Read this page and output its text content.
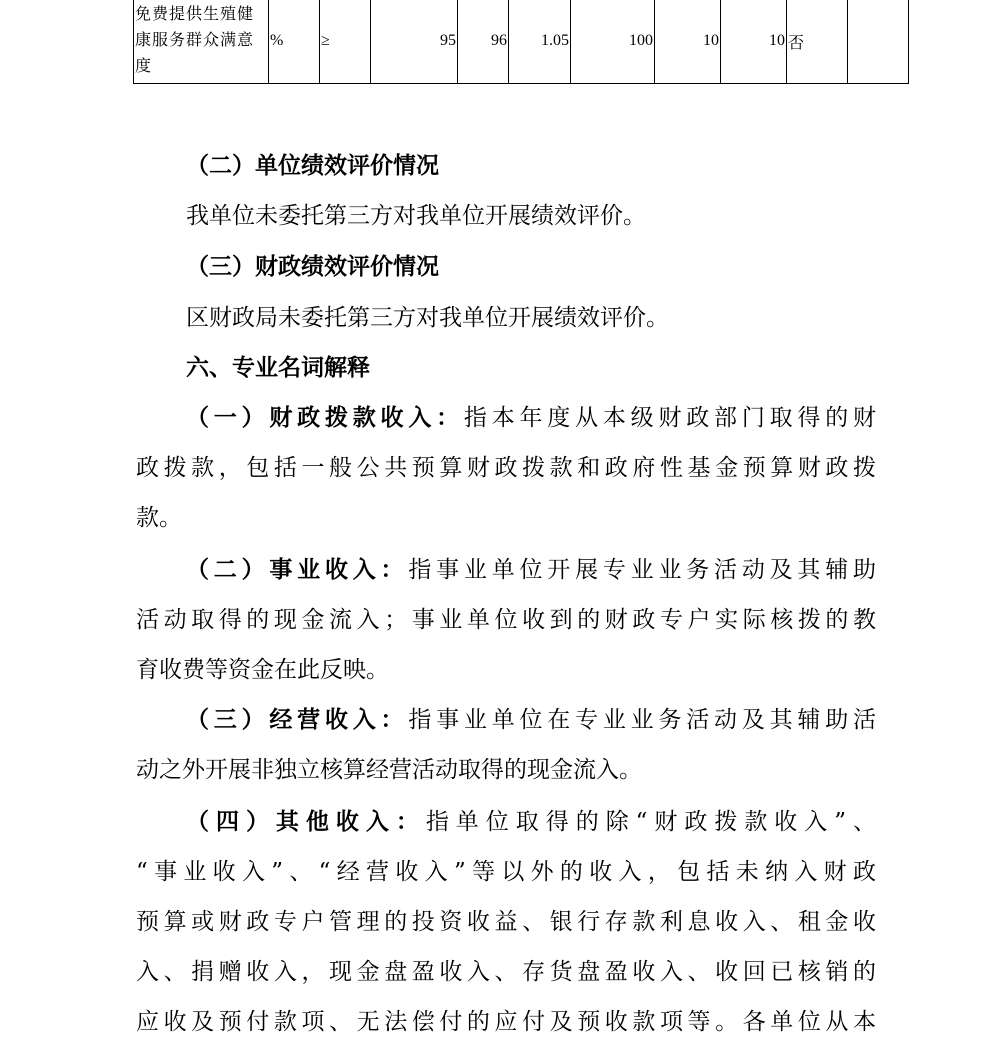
免费提供生殖健康服务群众满意度	%	≥	95	96	1.05	100	10	10	否	
（二）单位绩效评价情况
我单位未委托第三方对我单位开展绩效评价。
（三）财政绩效评价情况
区财政局未委托第三方对我单位开展绩效评价。
六、专业名词解释
（一）财政拨款收入：指本年度从本级财政部门取得的财
政拨款，包括一般公共预算财政拨款和政府性基金预算财政拨
款。
（二）事业收入：指事业单位开展专业业务活动及其辅助
活动取得的现金流入；事业单位收到的财政专户实际核拨的教
育收费等资金在此反映。
（三）经营收入：指事业单位在专业业务活动及其辅助活
动之外开展非独立核算经营活动取得的现金流入。
（四）其他收入：指单位取得的除“财政拨款收入”、
“事业收入”、“经营收入”等以外的收入，包括未纳入财政
预算或财政专户管理的投资收益、银行存款利息收入、租金收
入、捐赠收入，现金盘盈收入、存货盘盈收入、收回已核销的
应收及预付款项、无法偿付的应付及预收款项等。各单位从本
